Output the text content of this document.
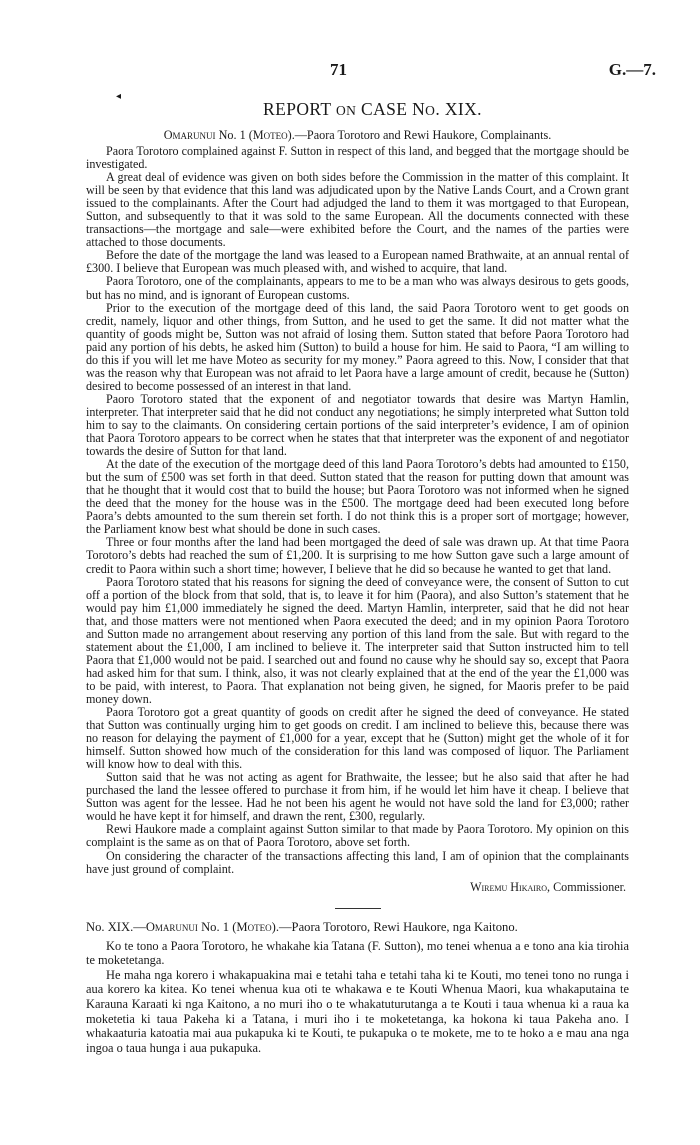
◂
71	G.—7.
REPORT ON CASE NO. XIX.
Omarunui No. 1 (Moteo).—Paora Torotoro and Rewi Haukore, Complainants.

Paora Torotoro complained against F. Sutton in respect of this land, and begged that the mortgage should be investigated.

A great deal of evidence was given on both sides before the Commission in the matter of this complaint. It will be seen by that evidence that this land was adjudicated upon by the Native Lands Court, and a Crown grant issued to the complainants. After the Court had adjudged the land to them it was mortgaged to that European, Sutton, and subsequently to that it was sold to the same European. All the documents connected with these transactions—the mortgage and sale—were exhibited before the Court, and the names of the parties were attached to those documents.

Before the date of the mortgage the land was leased to a European named Brathwaite, at an annual rental of £300. I believe that European was much pleased with, and wished to acquire, that land.

Paora Torotoro, one of the complainants, appears to me to be a man who was always desirous to gets goods, but has no mind, and is ignorant of European customs.

Prior to the execution of the mortgage deed of this land, the said Paora Torotoro went to get goods on credit, namely, liquor and other things, from Sutton, and he used to get the same. It did not matter what the quantity of goods might be, Sutton was not afraid of losing them. Sutton stated that before Paora Torotoro had paid any portion of his debts, he asked him (Sutton) to build a house for him. He said to Paora, “I am willing to do this if you will let me have Moteo as security for my money.” Paora agreed to this. Now, I consider that that was the reason why that European was not afraid to let Paora have a large amount of credit, because he (Sutton) desired to become possessed of an interest in that land.

Paoro Torotoro stated that the exponent of and negotiator towards that desire was Martyn Hamlin, interpreter. That interpreter said that he did not conduct any negotiations; he simply interpreted what Sutton told him to say to the claimants. On considering certain portions of the said interpreter’s evidence, I am of opinion that Paora Torotoro appears to be correct when he states that that interpreter was the exponent of and negotiator towards the desire of Sutton for that land.

At the date of the execution of the mortgage deed of this land Paora Torotoro’s debts had amounted to £150, but the sum of £500 was set forth in that deed. Sutton stated that the reason for putting down that amount was that he thought that it would cost that to build the house; but Paora Torotoro was not informed when he signed the deed that the money for the house was in the £500. The mortgage deed had been executed long before Paora’s debts amounted to the sum therein set forth. I do not think this is a proper sort of mortgage; however, the Parliament know best what should be done in such cases.

Three or four months after the land had been mortgaged the deed of sale was drawn up. At that time Paora Torotoro’s debts had reached the sum of £1,200. It is surprising to me how Sutton gave such a large amount of credit to Paora within such a short time; however, I believe that he did so because he wanted to get that land.

Paora Torotoro stated that his reasons for signing the deed of conveyance were, the consent of Sutton to cut off a portion of the block from that sold, that is, to leave it for him (Paora), and also Sutton’s statement that he would pay him £1,000 immediately he signed the deed. Martyn Hamlin, interpreter, said that he did not hear that, and those matters were not mentioned when Paora executed the deed; and in my opinion Paora Torotoro and Sutton made no arrangement about reserving any portion of this land from the sale. But with regard to the statement about the £1,000, I am inclined to believe it. The interpreter said that Sutton instructed him to tell Paora that £1,000 would not be paid. I searched out and found no cause why he should say so, except that Paora had asked him for that sum. I think, also, it was not clearly explained that at the end of the year the £1,000 was to be paid, with interest, to Paora. That explanation not being given, he signed, for Maoris prefer to be paid money down.

Paora Torotoro got a great quantity of goods on credit after he signed the deed of conveyance. He stated that Sutton was continually urging him to get goods on credit. I am inclined to believe this, because there was no reason for delaying the payment of £1,000 for a year, except that he (Sutton) might get the whole of it for himself. Sutton showed how much of the consideration for this land was composed of liquor. The Parliament will know how to deal with this.

Sutton said that he was not acting as agent for Brathwaite, the lessee; but he also said that after he had purchased the land the lessee offered to purchase it from him, if he would let him have it cheap. I believe that Sutton was agent for the lessee. Had he not been his agent he would not have sold the land for £3,000; rather would he have kept it for himself, and drawn the rent, £300, regularly.

Rewi Haukore made a complaint against Sutton similar to that made by Paora Torotoro. My opinion on this complaint is the same as on that of Paora Torotoro, above set forth.

On considering the character of the transactions affecting this land, I am of opinion that the complainants have just ground of complaint.

Wiremu Hikairo, Commissioner.

No. XIX.—Omarunui No. 1 (Moteo).—Paora Torotoro, Rewi Haukore, nga Kaitono.

Ko te tono a Paora Torotoro, he whakahe kia Tatana (F. Sutton), mo tenei whenua a e tono ana kia tirohia te moketetanga.

He maha nga korero i whakapuakina mai e tetahi taha e tetahi taha ki te Kouti, mo tenei tono no runga i aua korero ka kitea. Ko tenei whenua kua oti te whakawa e te Kouti Whenua Maori, kua whakaputaina te Karauna Karaati ki nga Kaitono, a no muri iho o te whakatuturutanga a te Kouti i taua whenua ki a raua ka moketetia ki taua Pakeha ki a Tatana, i muri iho i te moketetanga, ka hokona ki taua Pakeha ano. I whakaaturia katoatia mai aua pukapuka ki te Kouti, te pukapuka o te mokete, me to te hoko a e mau ana nga ingoa o taua hunga i aua pukapuka.
